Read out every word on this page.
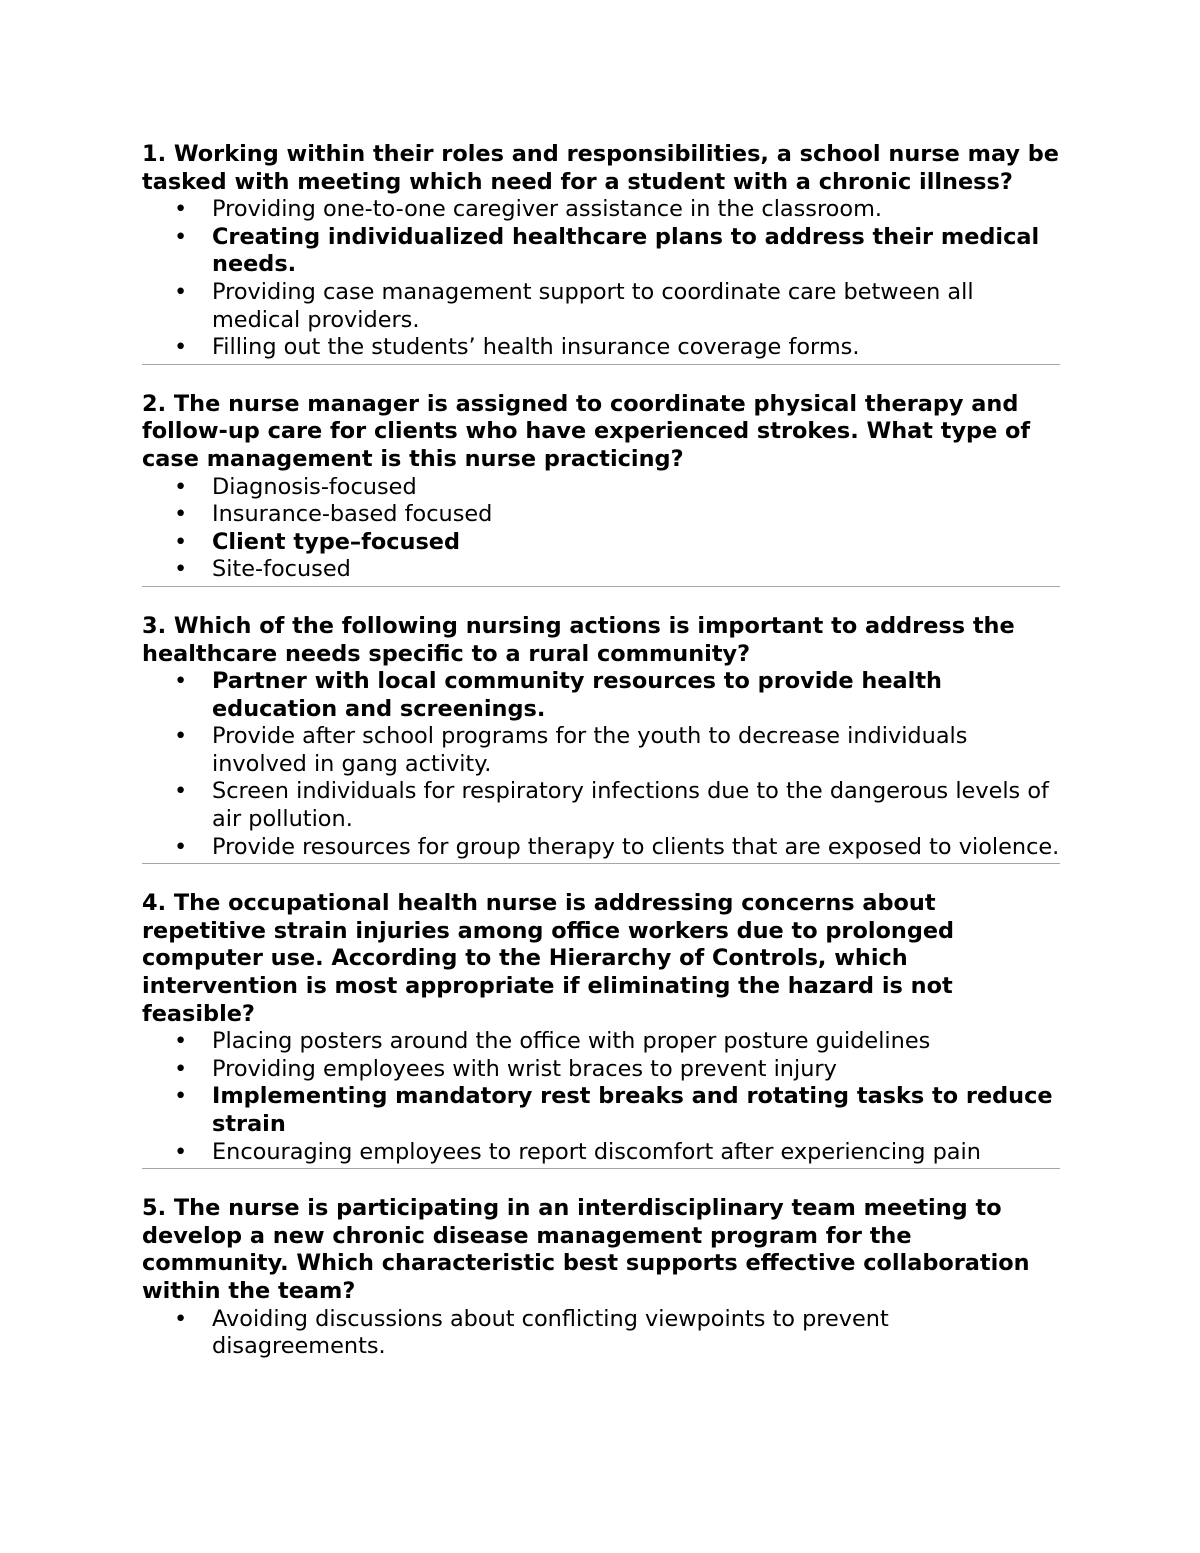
1. Working within their roles and responsibilities, a school nurse may be tasked with meeting which need for a student with a chronic illness?

• Providing one-to-one caregiver assistance in the classroom.
• Creating individualized healthcare plans to address their medical needs.
• Providing case management support to coordinate care between all medical providers.
• Filling out the students’ health insurance coverage forms.

2. The nurse manager is assigned to coordinate physical therapy and follow-up care for clients who have experienced strokes. What type of case management is this nurse practicing?

• Diagnosis-focused
• Insurance-based focused
• Client type–focused
• Site-focused

3. Which of the following nursing actions is important to address the healthcare needs specific to a rural community?

• Partner with local community resources to provide health education and screenings.
• Provide after school programs for the youth to decrease individuals involved in gang activity.
• Screen individuals for respiratory infections due to the dangerous levels of air pollution.
• Provide resources for group therapy to clients that are exposed to violence.

4. The occupational health nurse is addressing concerns about repetitive strain injuries among office workers due to prolonged computer use. According to the Hierarchy of Controls, which intervention is most appropriate if eliminating the hazard is not feasible?

• Placing posters around the office with proper posture guidelines
• Providing employees with wrist braces to prevent injury
• Implementing mandatory rest breaks and rotating tasks to reduce strain
• Encouraging employees to report discomfort after experiencing pain

5. The nurse is participating in an interdisciplinary team meeting to develop a new chronic disease management program for the community. Which characteristic best supports effective collaboration within the team?

• Avoiding discussions about conflicting viewpoints to prevent disagreements.
